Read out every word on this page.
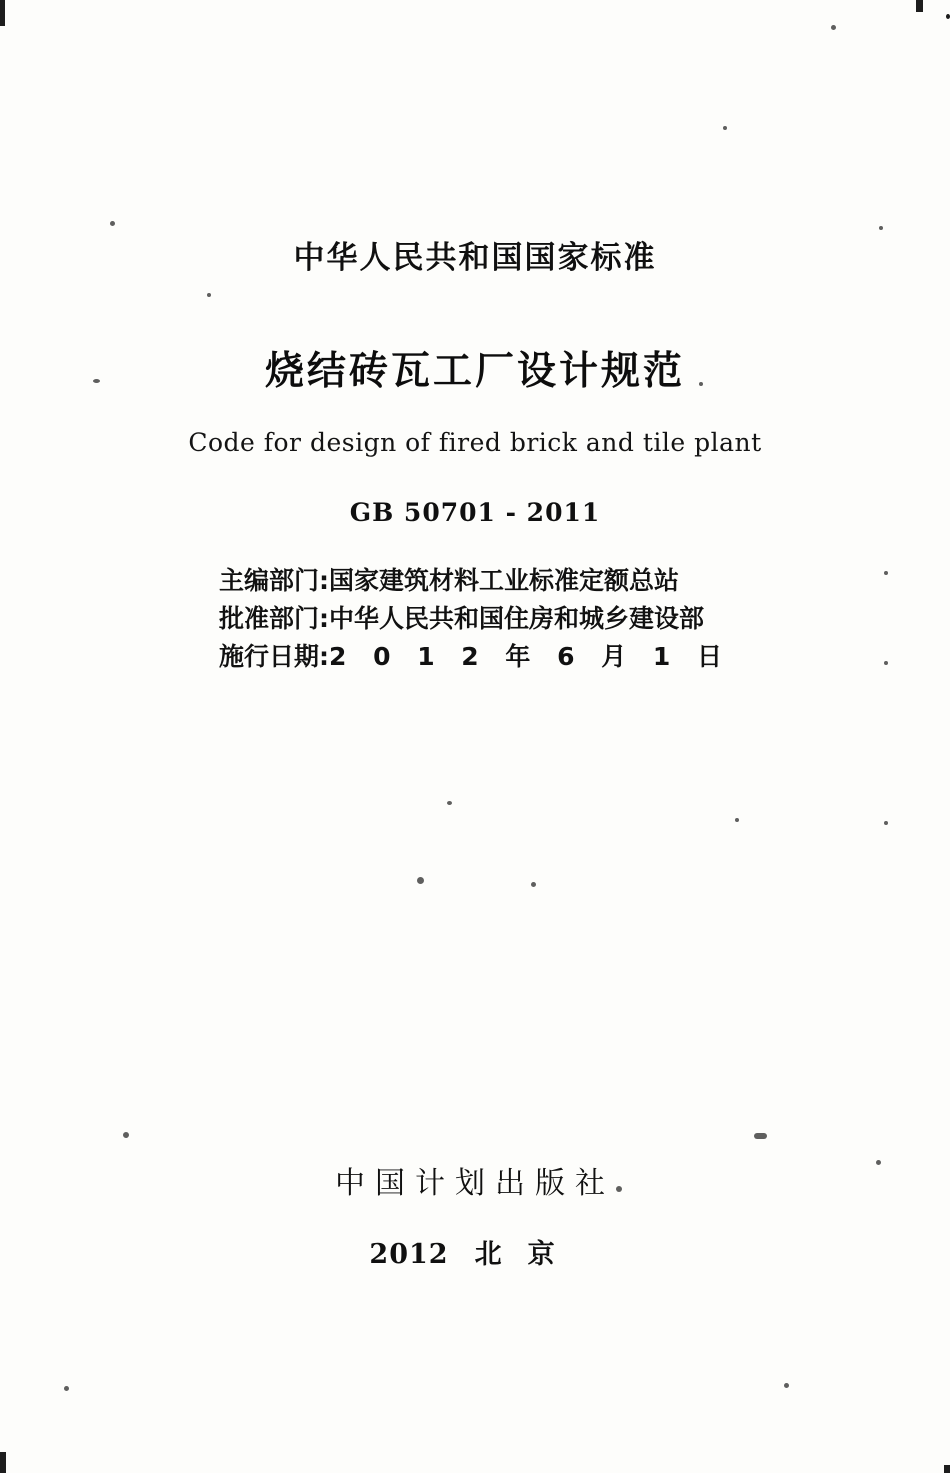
中华人民共和国国家标准
烧结砖瓦工厂设计规范
Code for design of fired brick and tile plant
GB 50701 - 2011
主编部门:国家建筑材料工业标准定额总站
批准部门:中华人民共和国住房和城乡建设部
施行日期:2 0 1 2 年 6 月 1 日
中国计划出版社
2012 北京
